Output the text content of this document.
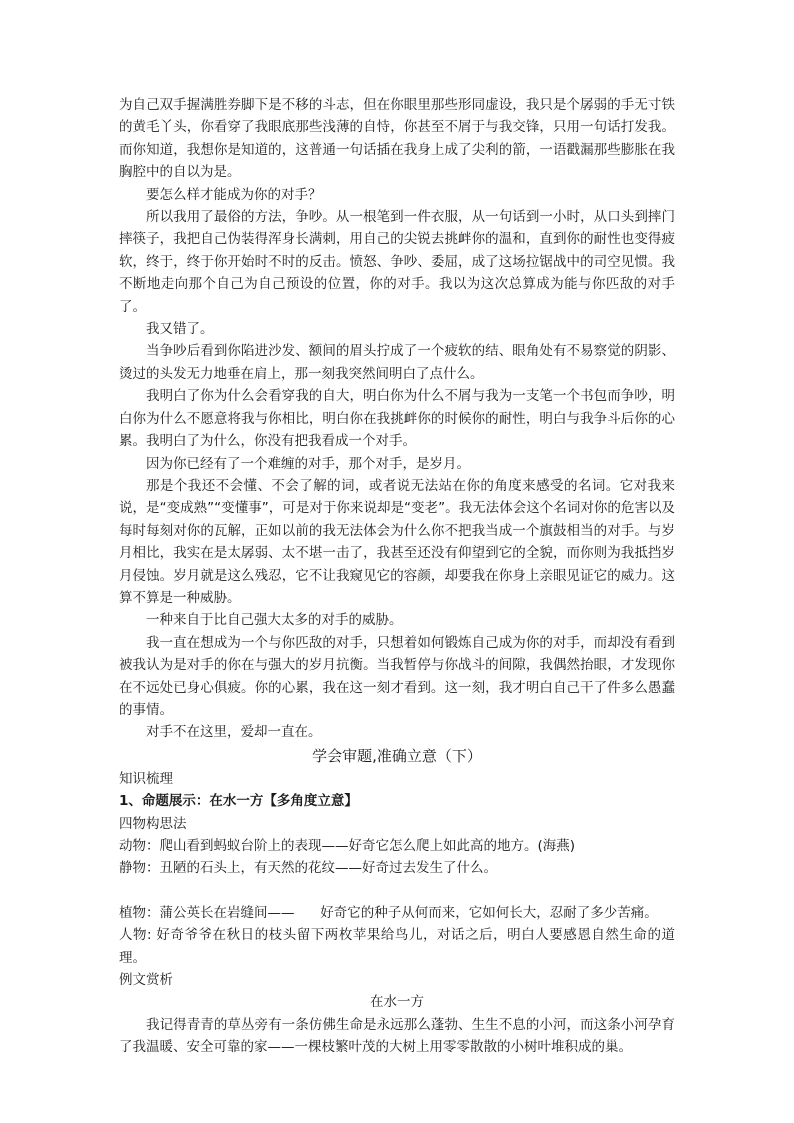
为自己双手握满胜券脚下是不移的斗志，但在你眼里那些形同虚设，我只是个孱弱的手无寸铁的黄毛丫头，你看穿了我眼底那些浅薄的自恃，你甚至不屑于与我交锋，只用一句话打发我。而你知道，我想你是知道的，这普通一句话插在我身上成了尖利的箭，一语戳漏那些膨胀在我胸腔中的自以为是。

要怎么样才能成为你的对手？

所以我用了最俗的方法，争吵。从一根笔到一件衣服，从一句话到一小时，从口头到摔门摔筷子，我把自己伪装得浑身长满刺，用自己的尖锐去挑衅你的温和，直到你的耐性也变得疲软，终于，终于你开始时不时的反击。愤怒、争吵、委屈，成了这场拉锯战中的司空见惯。我不断地走向那个自己为自己预设的位置，你的对手。我以为这次总算成为能与你匹敌的对手了。

我又错了。

当争吵后看到你陷进沙发、额间的眉头拧成了一个疲软的结、眼角处有不易察觉的阴影、烫过的头发无力地垂在肩上，那一刻我突然间明白了点什么。

我明白了你为什么会看穿我的自大，明白你为什么不屑与我为一支笔一个书包而争吵，明白你为什么不愿意将我与你相比，明白你在我挑衅你的时候你的耐性，明白与我争斗后你的心累。我明白了为什么，你没有把我看成一个对手。

因为你已经有了一个难缠的对手，那个对手，是岁月。

那是个我还不会懂、不会了解的词，或者说无法站在你的角度来感受的名词。它对我来说，是“变成熟”“变懂事”，可是对于你来说却是“变老”。我无法体会这个名词对你的危害以及每时每刻对你的瓦解，正如以前的我无法体会为什么你不把我当成一个旗鼓相当的对手。与岁月相比，我实在是太孱弱、太不堪一击了，我甚至还没有仰望到它的全貌，而你则为我抵挡岁月侵蚀。岁月就是这么残忍，它不让我窥见它的容颜，却要我在你身上亲眼见证它的威力。这算不算是一种威胁。

一种来自于比自己强大太多的对手的威胁。

我一直在想成为一个与你匹敌的对手，只想着如何锻炼自己成为你的对手，而却没有看到被我认为是对手的你在与强大的岁月抗衡。当我暂停与你战斗的间隙，我偶然抬眼，才发现你在不远处已身心俱疲。你的心累，我在这一刻才看到。这一刻，我才明白自己干了件多么愚蠢的事情。

对手不在这里，爱却一直在。

学会审题,准确立意（下）

知识梳理

1、命题展示：在水一方【多角度立意】

四物构思法

动物：爬山看到蚂蚁台阶上的表现——好奇它怎么爬上如此高的地方。(海燕)

静物：丑陋的石头上，有天然的花纹——好奇过去发生了什么。

植物：蒲公英长在岩缝间——      好奇它的种子从何而来，它如何长大，忍耐了多少苦痛。

人物: 好奇爷爷在秋日的枝头留下两枚苹果给鸟儿，对话之后，明白人要感恩自然生命的道理。

例文赏析

在水一方

我记得青青的草丛旁有一条仿佛生命是永远那么蓬勃、生生不息的小河，而这条小河孕育了我温暖、安全可靠的家——一棵枝繁叶茂的大树上用零零散散的小树叶堆积成的巢。
